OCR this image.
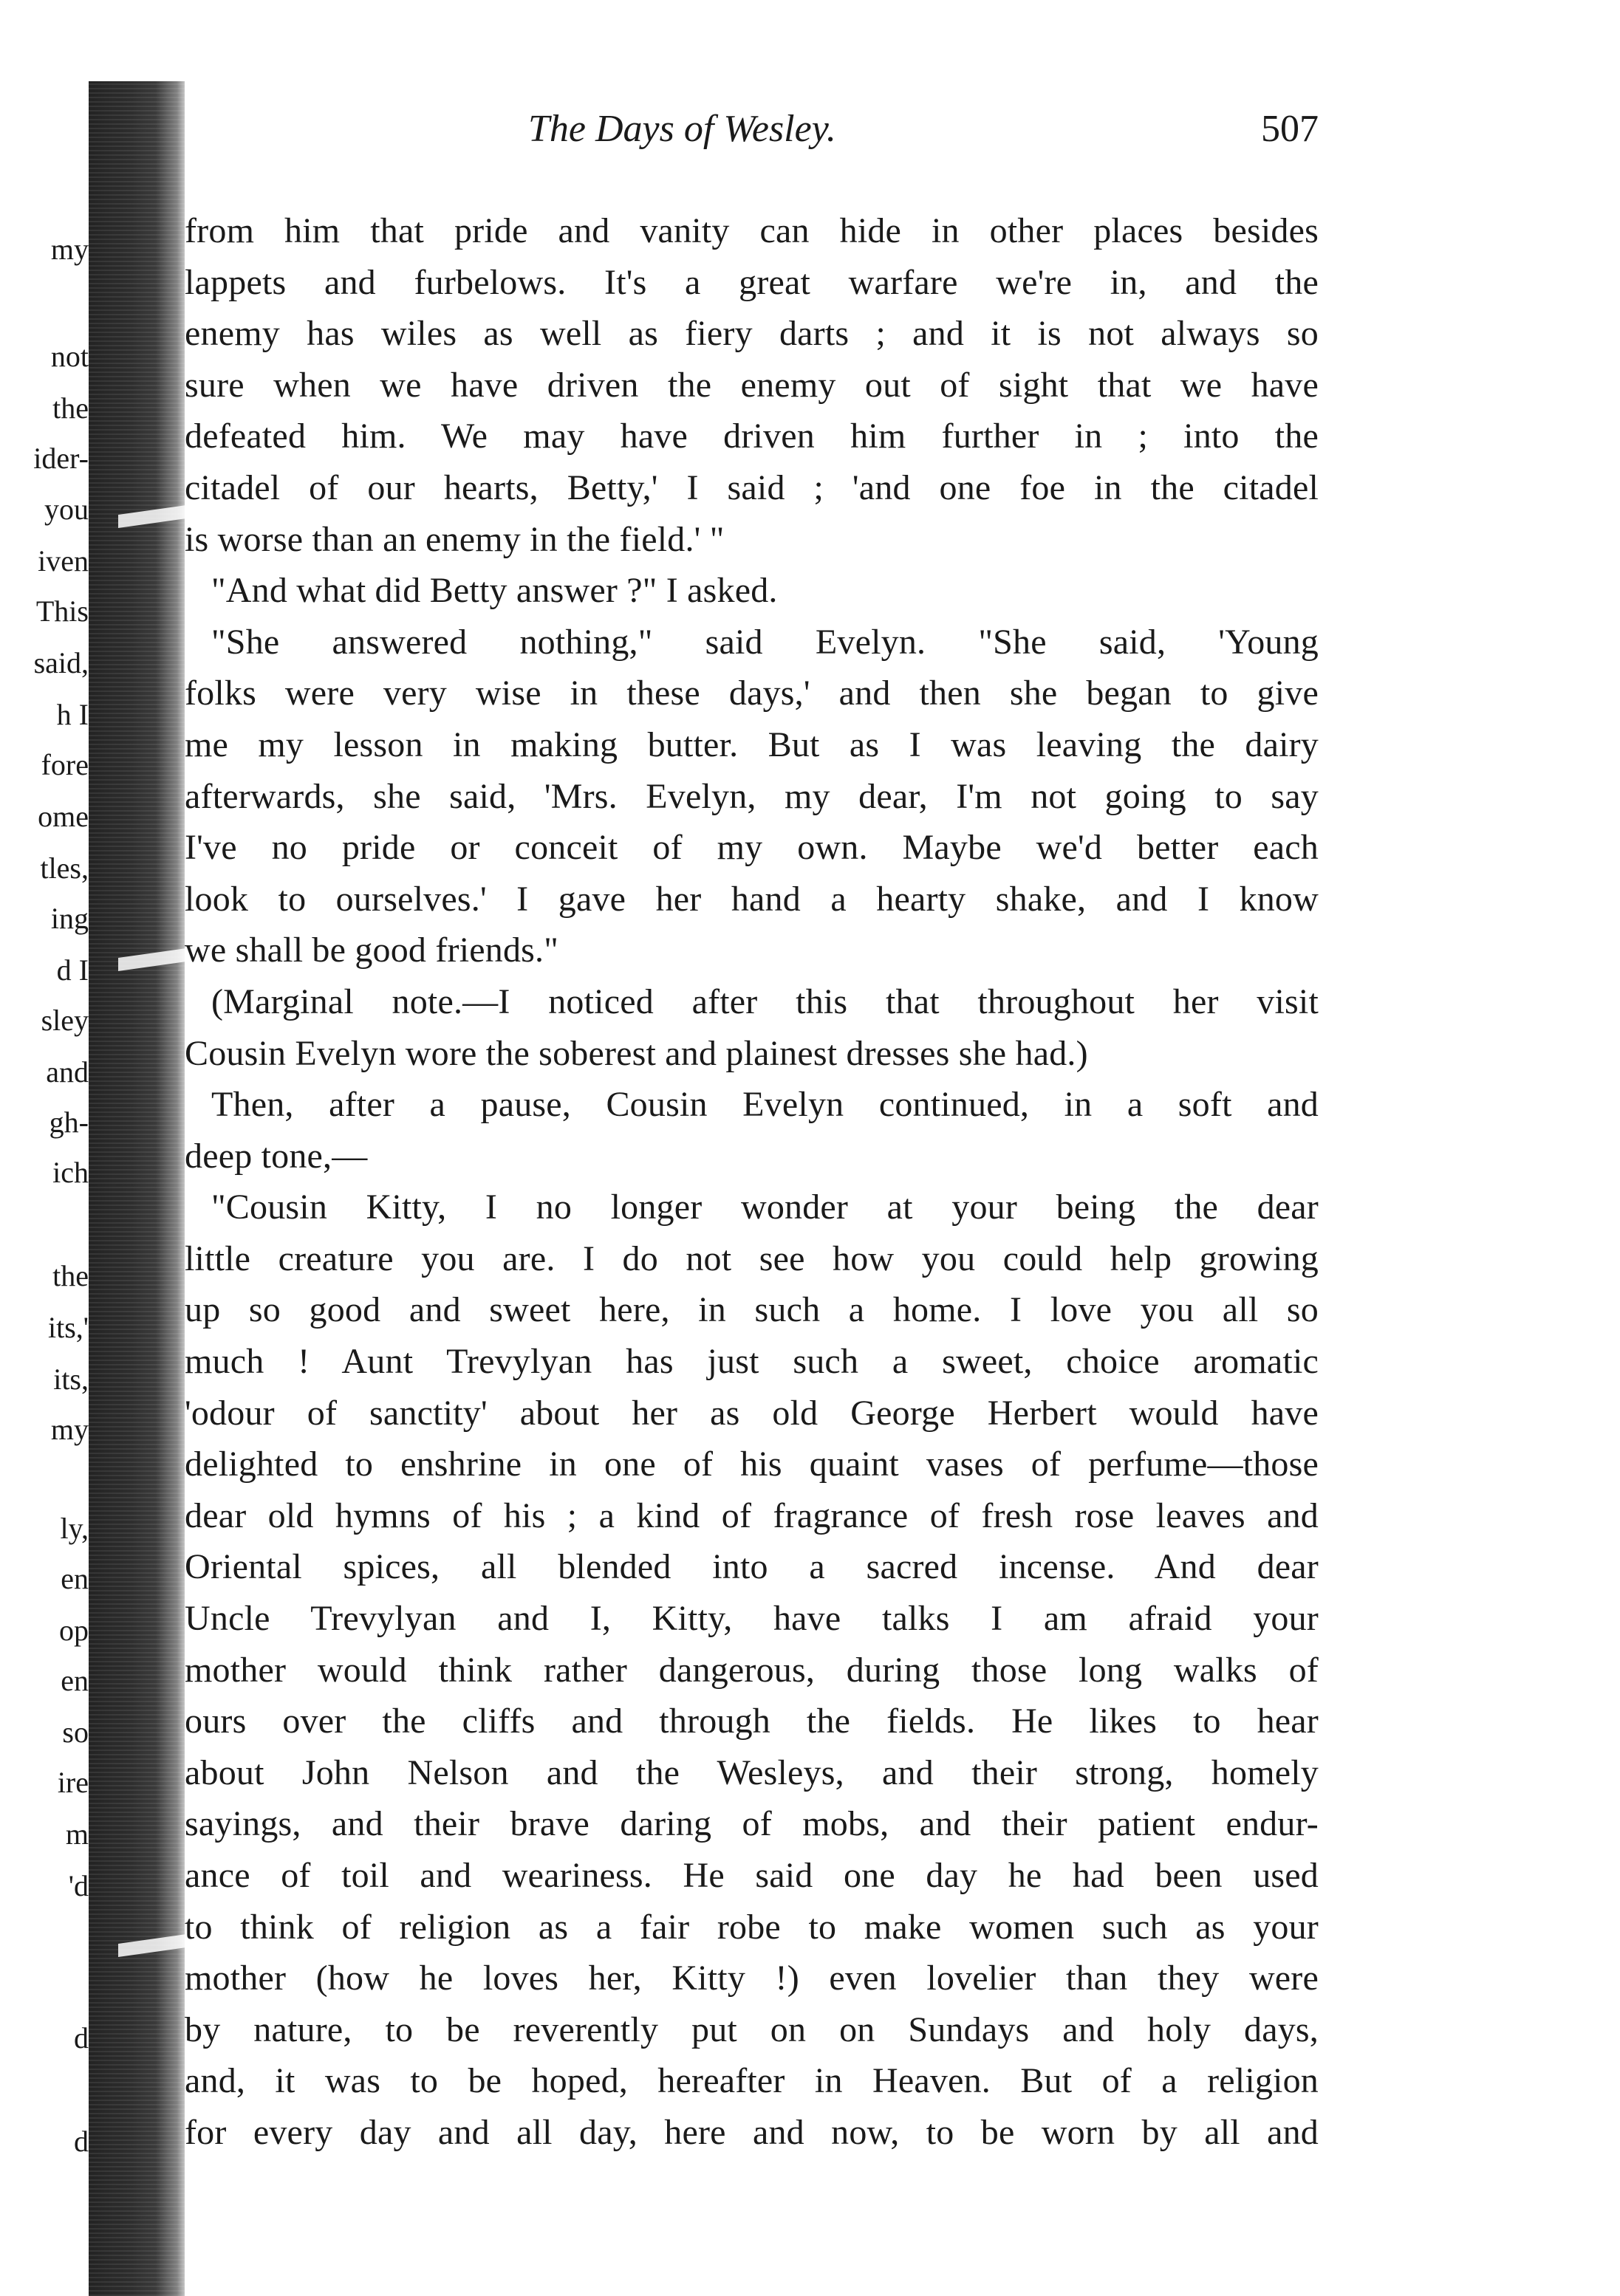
my
not
the
ider-
you
iven
This
said,
h I
fore
ome
tles,
ing
d I
sley
and
gh-
ich
the
its,'
its,
my
ly,
en
op
en
so
ire
m
'd
d
d
The Days of Wesley.	507
from him that pride and vanity can hide in other places besides
lappets and furbelows. It's a great warfare we're in, and the
enemy has wiles as well as fiery darts ; and it is not always so
sure when we have driven the enemy out of sight that we have
defeated him. We may have driven him further in ; into the
citadel of our hearts, Betty,' I said ; 'and one foe in the citadel
is worse than an enemy in the field.' "
"And what did Betty answer ?" I asked.
"She answered nothing," said Evelyn. "She said, 'Young
folks were very wise in these days,' and then she began to give
me my lesson in making butter. But as I was leaving the dairy
afterwards, she said, 'Mrs. Evelyn, my dear, I'm not going to say
I've no pride or conceit of my own. Maybe we'd better each
look to ourselves.' I gave her hand a hearty shake, and I know
we shall be good friends."
(Marginal note.—I noticed after this that throughout her visit
Cousin Evelyn wore the soberest and plainest dresses she had.)
Then, after a pause, Cousin Evelyn continued, in a soft and
deep tone,—
"Cousin Kitty, I no longer wonder at your being the dear
little creature you are. I do not see how you could help growing
up so good and sweet here, in such a home. I love you all so
much ! Aunt Trevylyan has just such a sweet, choice aromatic
'odour of sanctity' about her as old George Herbert would have
delighted to enshrine in one of his quaint vases of perfume—those
dear old hymns of his ; a kind of fragrance of fresh rose leaves and
Oriental spices, all blended into a sacred incense. And dear
Uncle Trevylyan and I, Kitty, have talks I am afraid your
mother would think rather dangerous, during those long walks of
ours over the cliffs and through the fields. He likes to hear
about John Nelson and the Wesleys, and their strong, homely
sayings, and their brave daring of mobs, and their patient endur-
ance of toil and weariness. He said one day he had been used
to think of religion as a fair robe to make women such as your
mother (how he loves her, Kitty !) even lovelier than they were
by nature, to be reverently put on on Sundays and holy days,
and, it was to be hoped, hereafter in Heaven. But of a religion
for every day and all day, here and now, to be worn by all and
